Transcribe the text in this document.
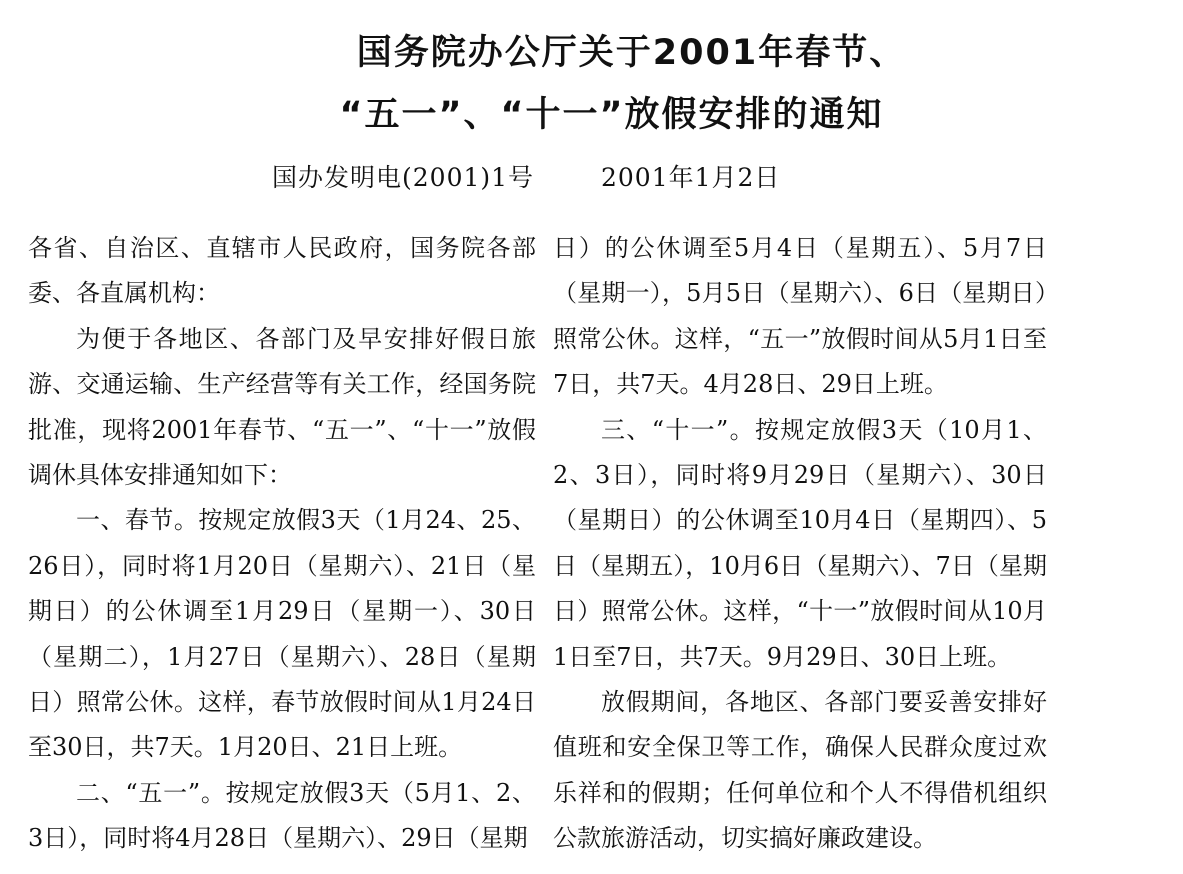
国务院办公厅关于2001年春节、
“五一”、“十一”放假安排的通知
国办发明电(2001)1号	2001年1月2日

各省、自治区、直辖市人民政府，国务院各部委、各直属机构：

为便于各地区、各部门及早安排好假日旅游、交通运输、生产经营等有关工作，经国务院批准，现将2001年春节、“五一”、“十一”放假调休具体安排通知如下：

一、春节。按规定放假3天（1月24、25、26日），同时将1月20日（星期六）、21日（星期日）的公休调至1月29日（星期一）、30日（星期二），1月27日（星期六）、28日（星期日）照常公休。这样，春节放假时间从1月24日至30日，共7天。1月20日、21日上班。

二、“五一”。按规定放假3天（5月1、2、3日），同时将4月28日（星期六）、29日（星期

日）的公休调至5月4日（星期五）、5月7日（星期一），5月5日（星期六）、6日（星期日）照常公休。这样，“五一”放假时间从5月1日至7日，共7天。4月28日、29日上班。

三、“十一”。按规定放假3天（10月1、2、3日），同时将9月29日（星期六）、30日（星期日）的公休调至10月4日（星期四）、5日（星期五），10月6日（星期六）、7日（星期日）照常公休。这样，“十一”放假时间从10月1日至7日，共7天。9月29日、30日上班。

放假期间，各地区、各部门要妥善安排好值班和安全保卫等工作，确保人民群众度过欢乐祥和的假期；任何单位和个人不得借机组织公款旅游活动，切实搞好廉政建设。
